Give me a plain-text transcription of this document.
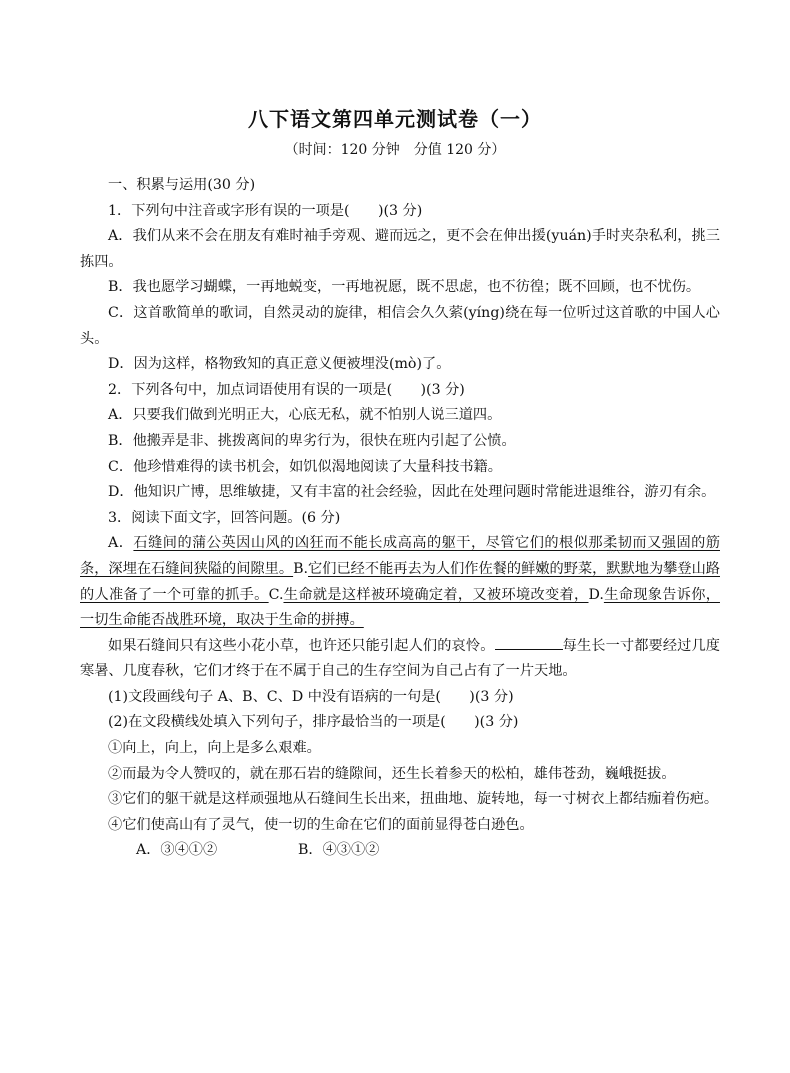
八下语文第四单元测试卷（一）
（时间：120 分钟　分值 120 分）

一、积累与运用(30 分)

1．下列句中注音或字形有误的一项是(　　)(3 分)

A．我们从来不会在朋友有难时袖手旁观、避而远之，更不会在伸出援(yuán)手时夹杂私利，挑三拣四。

B．我也愿学习蝴蝶，一再地蜕变，一再地祝愿，既不思虑，也不彷徨；既不回顾，也不忧伤。

C．这首歌简单的歌词，自然灵动的旋律，相信会久久萦(yíng)绕在每一位听过这首歌的中国人心头。

D．因为这样，格物致知的真正意义便被埋没(mò)了。

2．下列各句中，加点词语使用有误的一项是(　　)(3 分)

A．只要我们做到光明正大，心底无私，就不怕别人说三道四。

B．他搬弄是非、挑拨离间的卑劣行为，很快在班内引起了公愤。

C．他珍惜难得的读书机会，如饥似渴地阅读了大量科技书籍。

D．他知识广博，思维敏捷，又有丰富的社会经验，因此在处理问题时常能进退维谷，游刃有余。

3．阅读下面文字，回答问题。(6 分)

A．石缝间的蒲公英因山风的凶狂而不能长成高高的躯干，尽管它们的根似那柔韧而又强固的筋条，深埋在石缝间狭隘的间隙里。B.它们已经不能再去为人们作佐餐的鲜嫩的野菜，默默地为攀登山路的人准备了一个可靠的抓手。C.生命就是这样被环境确定着，又被环境改变着，D.生命现象告诉你，一切生命能否战胜环境，取决于生命的拼搏。

如果石缝间只有这些小花小草，也许还只能引起人们的哀怜。	每生长一寸都要经过几度寒暑、几度春秋，它们才终于在不属于自己的生存空间为自己占有了一片天地。

(1)文段画线句子 A、B、C、D 中没有语病的一句是(　　)(3 分)

(2)在文段横线处填入下列句子，排序最恰当的一项是(　　)(3 分)

①向上，向上，向上是多么艰难。

②而最为令人赞叹的，就在那石岩的缝隙间，还生长着参天的松柏，雄伟苍劲，巍峨挺拔。

③它们的躯干就是这样顽强地从石缝间生长出来，扭曲地、旋转地，每一寸树衣上都结痂着伤疤。

④它们使高山有了灵气，使一切的生命在它们的面前显得苍白逊色。

A．③④①②	B．④③①②
